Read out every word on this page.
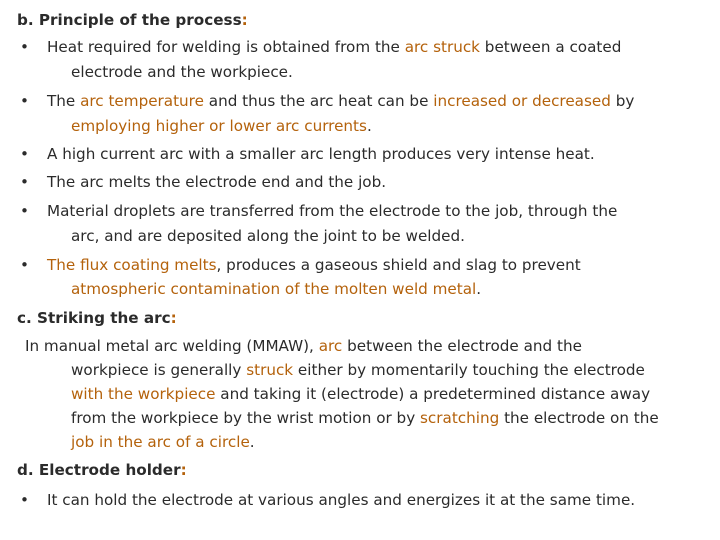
b. Principle of the process:
• Heat required for welding is obtained from the arc struck between a coated
electrode and the workpiece.
• The arc temperature and thus the arc heat can be increased or decreased by
employing higher or lower arc currents.
• A high current arc with a smaller arc length produces very intense heat.
• The arc melts the electrode end and the job.
• Material droplets are transferred from the electrode to the job, through the
arc, and are deposited along the joint to be welded.
• The flux coating melts, produces a gaseous shield and slag to prevent
atmospheric contamination of the molten weld metal.
c. Striking the arc:
In manual metal arc welding (MMAW), arc between the electrode and the
workpiece is generally struck either by momentarily touching the electrode
with the workpiece and taking it (electrode) a predetermined distance away
from the workpiece by the wrist motion or by scratching the electrode on the
job in the arc of a circle.
d. Electrode holder:
• It can hold the electrode at various angles and energizes it at the same time.
